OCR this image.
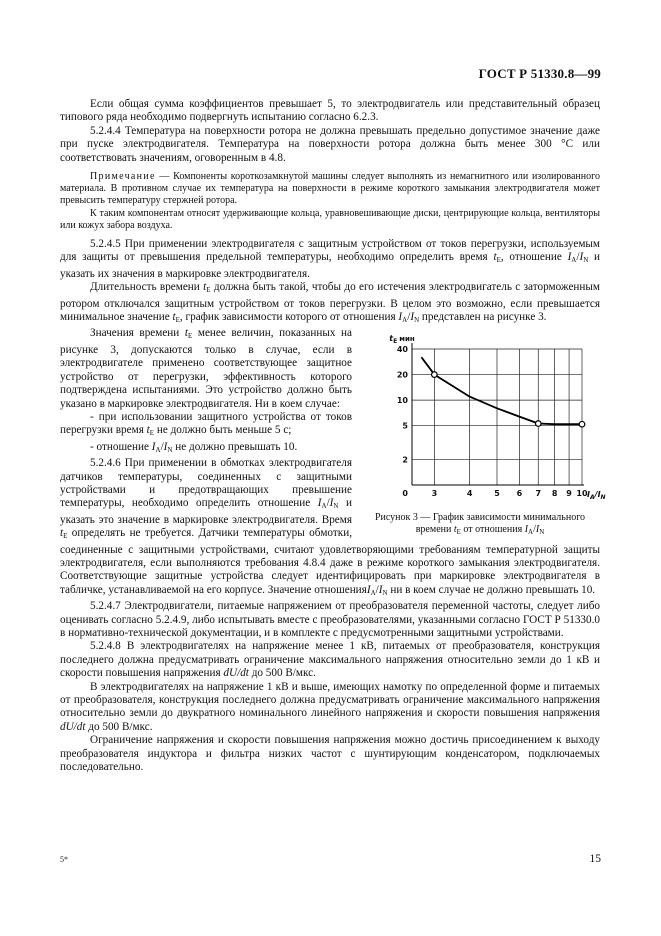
ГОСТ Р 51330.8—99

Если общая сумма коэффициентов превышает 5, то электродвигатель или представительный образец типового ряда необходимо подвергнуть испытанию согласно 6.2.3.

5.2.4.4 Температура на поверхности ротора не должна превышать предельно допустимое значение даже при пуске электродвигателя. Температура на поверхности ротора должна быть менее 300 °С или соответствовать значениям, оговоренным в 4.8.

Примечание — Компоненты короткозамкнутой машины следует выполнять из немагнитного или изолированного материала. В противном случае их температура на поверхности в режиме короткого замыкания электродвигателя может превысить температуру стержней ротора.

К таким компонентам относят удерживающие кольца, уравновешивающие диски, центрирующие кольца, вентиляторы или кожух забора воздуха.

5.2.4.5 При применении электродвигателя с защитным устройством от токов перегрузки, используемым для защиты от превышения предельной температуры, необходимо определить время $t_E$, отношение $I_A/I_N$ и указать их значения в маркировке электродвигателя.

Длительность времени $t_E$ должна быть такой, чтобы до его истечения электродвигатель с заторможенным ротором отключался защитным устройством от токов перегрузки. В целом это возможно, если превышается минимальное значение $t_E$, график зависимости которого от отношения $I_A/I_N$ представлен на рисунке 3.

3	4	5 6 7 8 9 10
40
20
10
5
2
0
$t_E$ мин
$I_A/I_N$
Рисунок 3 — График зависимости минимального
времени $t_E$ от отношения $I_A/I_N$

Значения времени $t_E$ менее величин, показанных на рисунке 3, допускаются только в случае, если в электродвигателе применено соответствующее защитное устройство от перегрузки, эффективность которого подтверждена испытаниями. Это устройство должно быть указано в маркировке электродвигателя. Ни в коем случае:

- при использовании защитного устройства от токов перегрузки время $t_E$ не должно быть меньше 5 с;

- отношение $I_A/I_N$ не должно превышать 10.

5.2.4.6 При применении в обмотках электродвигателя датчиков температуры, соединенных с защитными устройствами и предотвращающих превышение температуры, необходимо определить отношение $I_A/I_N$ и указать это значение в маркировке электродвигателя. Время $t_E$ определять не требуется. Датчики температуры обмотки, соединенные с защитными устройствами, считают удовлетворяющими требованиям температурной защиты электродвигателя, если выполняются требования 4.8.4 даже в режиме короткого замыкания электродвигателя. Соответствующие защитные устройства следует идентифицировать при маркировке электродвигателя в табличке, устанавливаемой на его корпусе. Значение $отношенияI_A/I_N$ ни в коем случае не должно превышать 10.

5.2.4.7 Электродвигатели, питаемые напряжением от преобразователя переменной частоты, следует либо оценивать согласно 5.2.4.9, либо испытывать вместе с преобразователями, указанными согласно ГОСТ Р 51330.0 в нормативно-технической документации, и в комплекте с предусмотренными защитными устройствами.

5.2.4.8 В электродвигателях на напряжение менее 1 кВ, питаемых от преобразователя, конструкция последнего должна предусматривать ограничение максимального напряжения относительно земли до 1 кВ и скорости повышения напряжения dU/dt до 500 В/мкс.

В электродвигателях на напряжение 1 кВ и выше, имеющих намотку по определенной форме и питаемых от преобразователя, конструкция последнего должна предусматривать ограничение максимального напряжения относительно земли до двукратного номинального линейного напряжения и скорости повышения напряжения dU/dt до 500 В/мкс.

Ограничение напряжения и скорости повышения напряжения можно достичь присоединением к выходу преобразователя индуктора и фильтра низких частот с шунтирующим конденсатором, подключаемых последовательно.

5*	15
